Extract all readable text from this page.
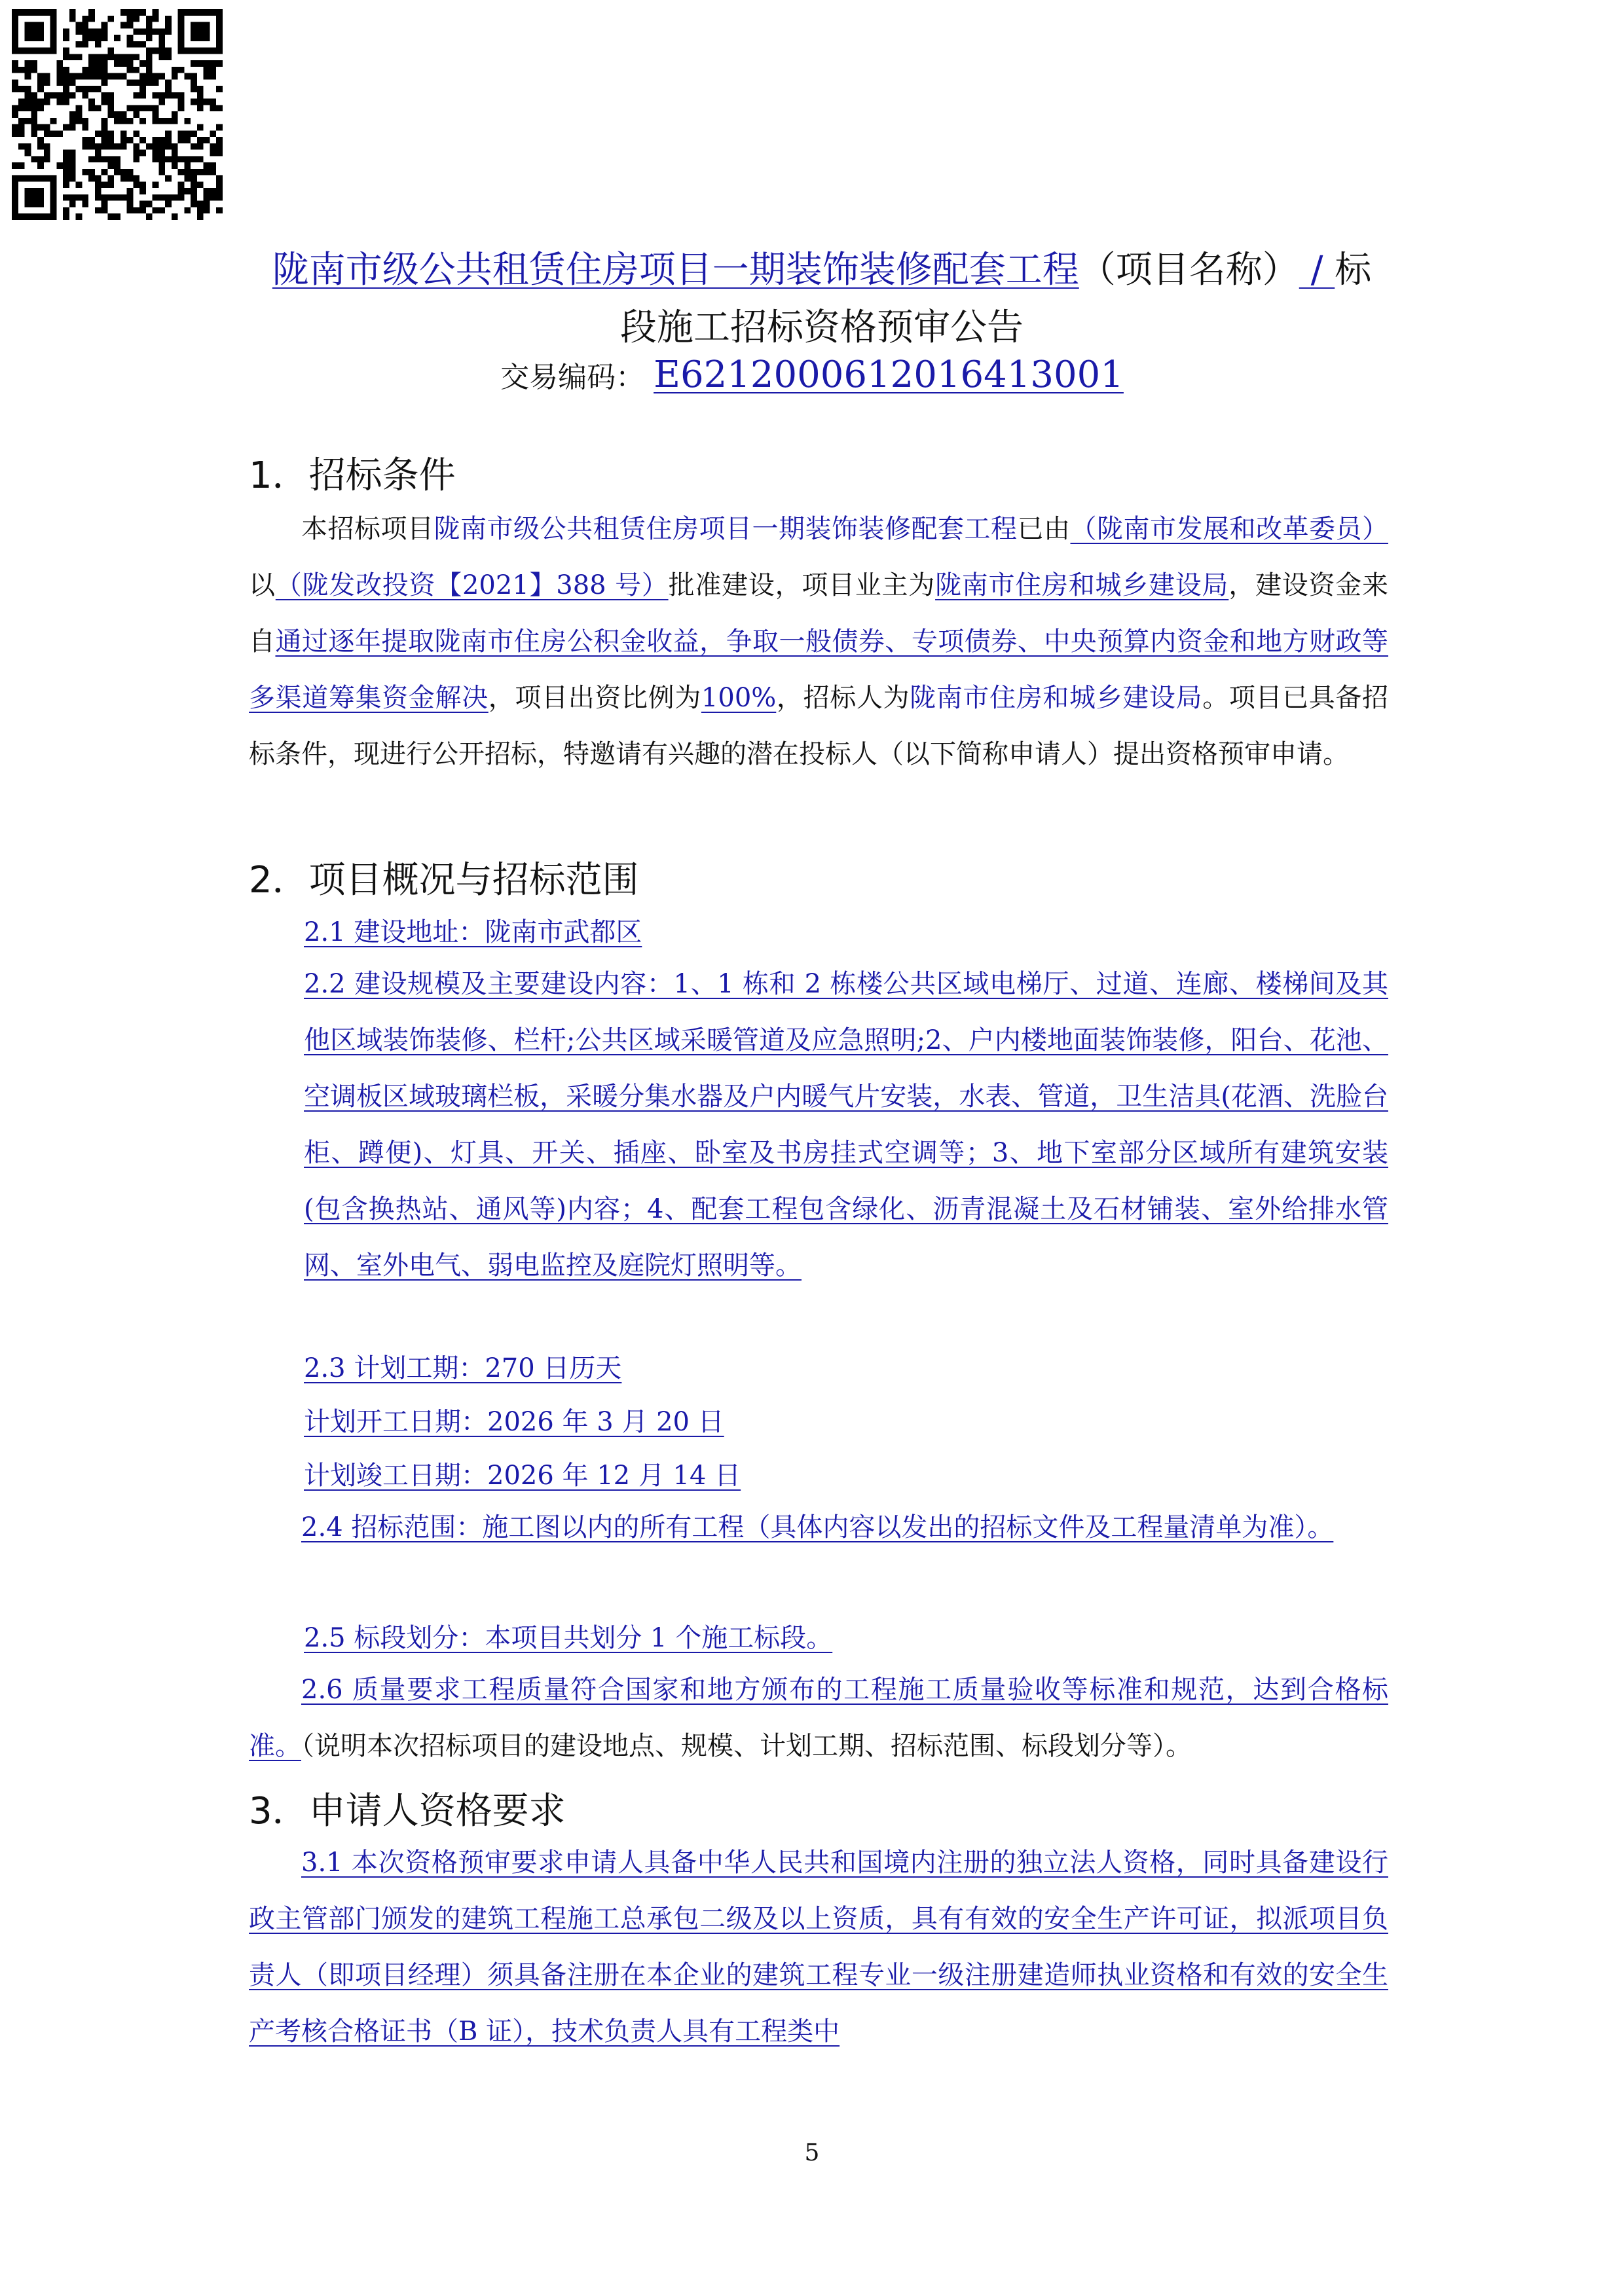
陇南市级公共租赁住房项目一期装饰装修配套工程（项目名称） / 标
段施工招标资格预审公告
交易编码： E6212000612016413001
1．招标条件
本招标项目陇南市级公共租赁住房项目一期装饰装修配套工程已由（陇南市发展和改革委员）以（陇发改投资【2021】388 号）批准建设，项目业主为陇南市住房和城乡建设局，建设资金来自通过逐年提取陇南市住房公积金收益，争取一般债券、专项债券、中央预算内资金和地方财政等多渠道筹集资金解决，项目出资比例为100%，招标人为陇南市住房和城乡建设局。项目已具备招标条件，现进行公开招标，特邀请有兴趣的潜在投标人（以下简称申请人）提出资格预审申请。
2．项目概况与招标范围
2.1 建设地址：陇南市武都区
2.2 建设规模及主要建设内容：1、1 栋和 2 栋楼公共区域电梯厅、过道、连廊、楼梯间及其他区域装饰装修、栏杆;公共区域采暖管道及应急照明;2、户内楼地面装饰装修，阳台、花池、空调板区域玻璃栏板，采暖分集水器及户内暖气片安装，水表、管道，卫生洁具(花酒、洗脸台柜、蹲便)、灯具、开关、插座、卧室及书房挂式空调等；3、地下室部分区域所有建筑安装(包含换热站、通风等)内容；4、配套工程包含绿化、沥青混凝土及石材铺装、室外给排水管网、室外电气、弱电监控及庭院灯照明等。
2.3 计划工期：270 日历天
计划开工日期：2026 年 3 月 20 日
计划竣工日期：2026 年 12 月 14 日
2.4 招标范围：施工图以内的所有工程（具体内容以发出的招标文件及工程量清单为准）。
2.5 标段划分：本项目共划分 1 个施工标段。
2.6 质量要求工程质量符合国家和地方颁布的工程施工质量验收等标准和规范，达到合格标准。（说明本次招标项目的建设地点、规模、计划工期、招标范围、标段划分等）。
3．申请人资格要求
3.1 本次资格预审要求申请人具备中华人民共和国境内注册的独立法人资格，同时具备建设行政主管部门颁发的建筑工程施工总承包二级及以上资质，具有有效的安全生产许可证，拟派项目负责人（即项目经理）须具备注册在本企业的建筑工程专业一级注册建造师执业资格和有效的安全生产考核合格证书（B 证），技术负责人具有工程类中
5
